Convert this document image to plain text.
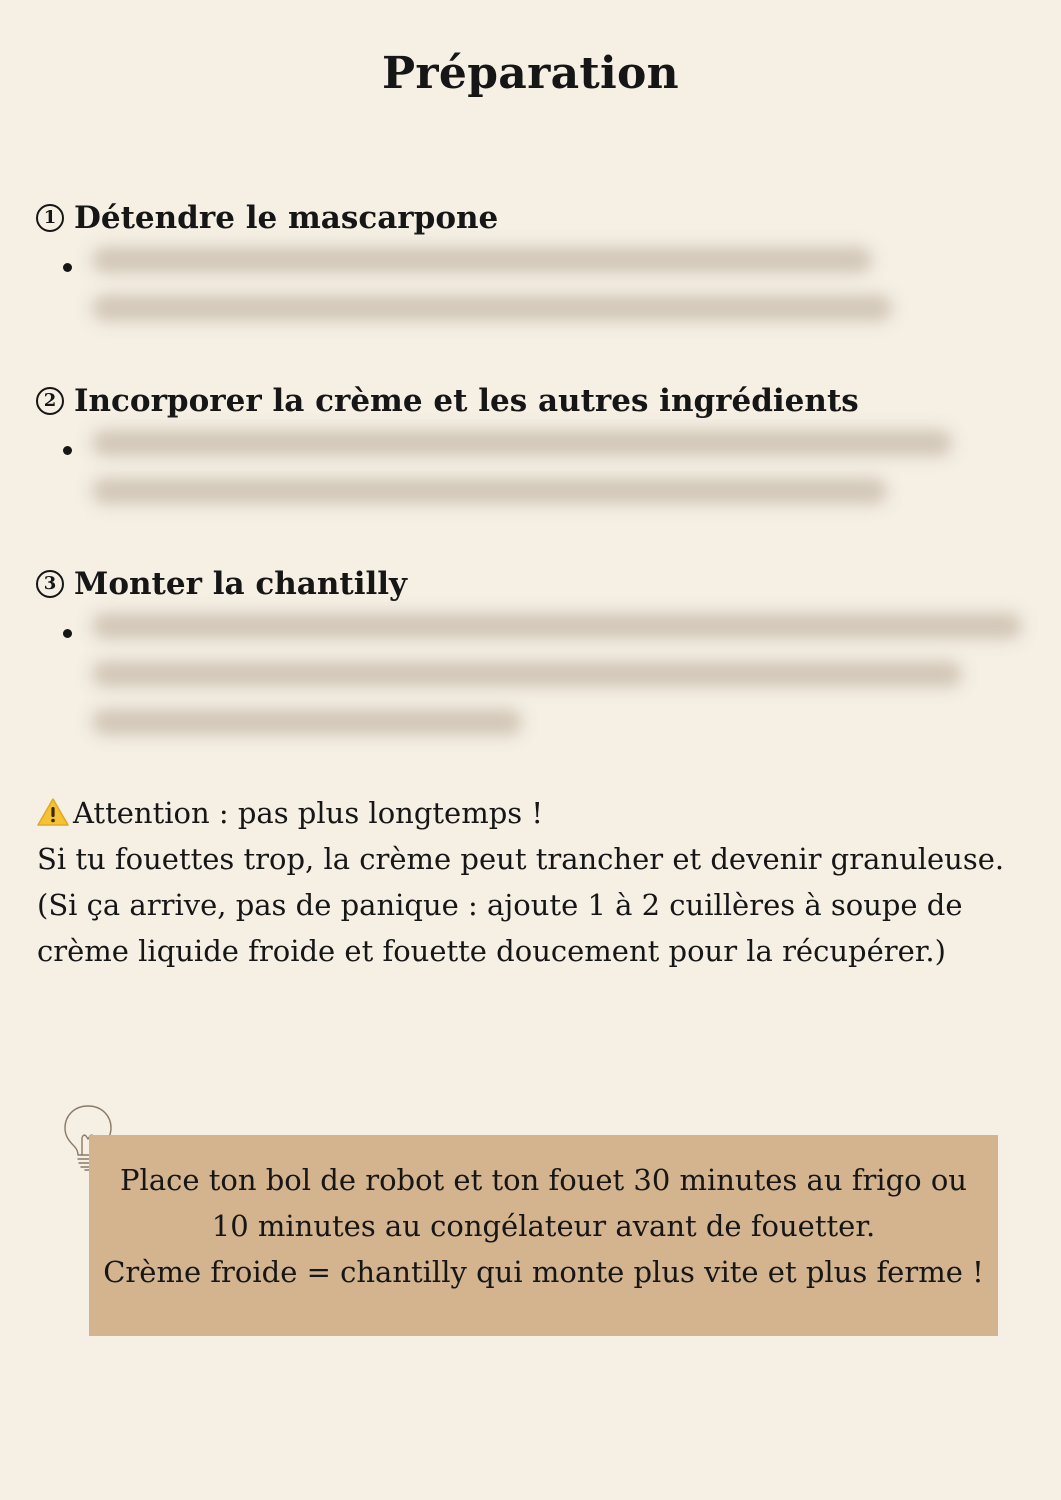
Préparation
1 Détendre le mascarpone
2 Incorporer la crème et les autres ingrédients
3 Monter la chantilly

Attention : pas plus longtemps !

Si tu fouettes trop, la crème peut trancher et devenir granuleuse.

(Si ça arrive, pas de panique : ajoute 1 à 2 cuillères à soupe de crème liquide froide et fouette doucement pour la récupérer.)

Place ton bol de robot et ton fouet 30 minutes au frigo ou

10 minutes au congélateur avant de fouetter.

Crème froide = chantilly qui monte plus vite et plus ferme !
